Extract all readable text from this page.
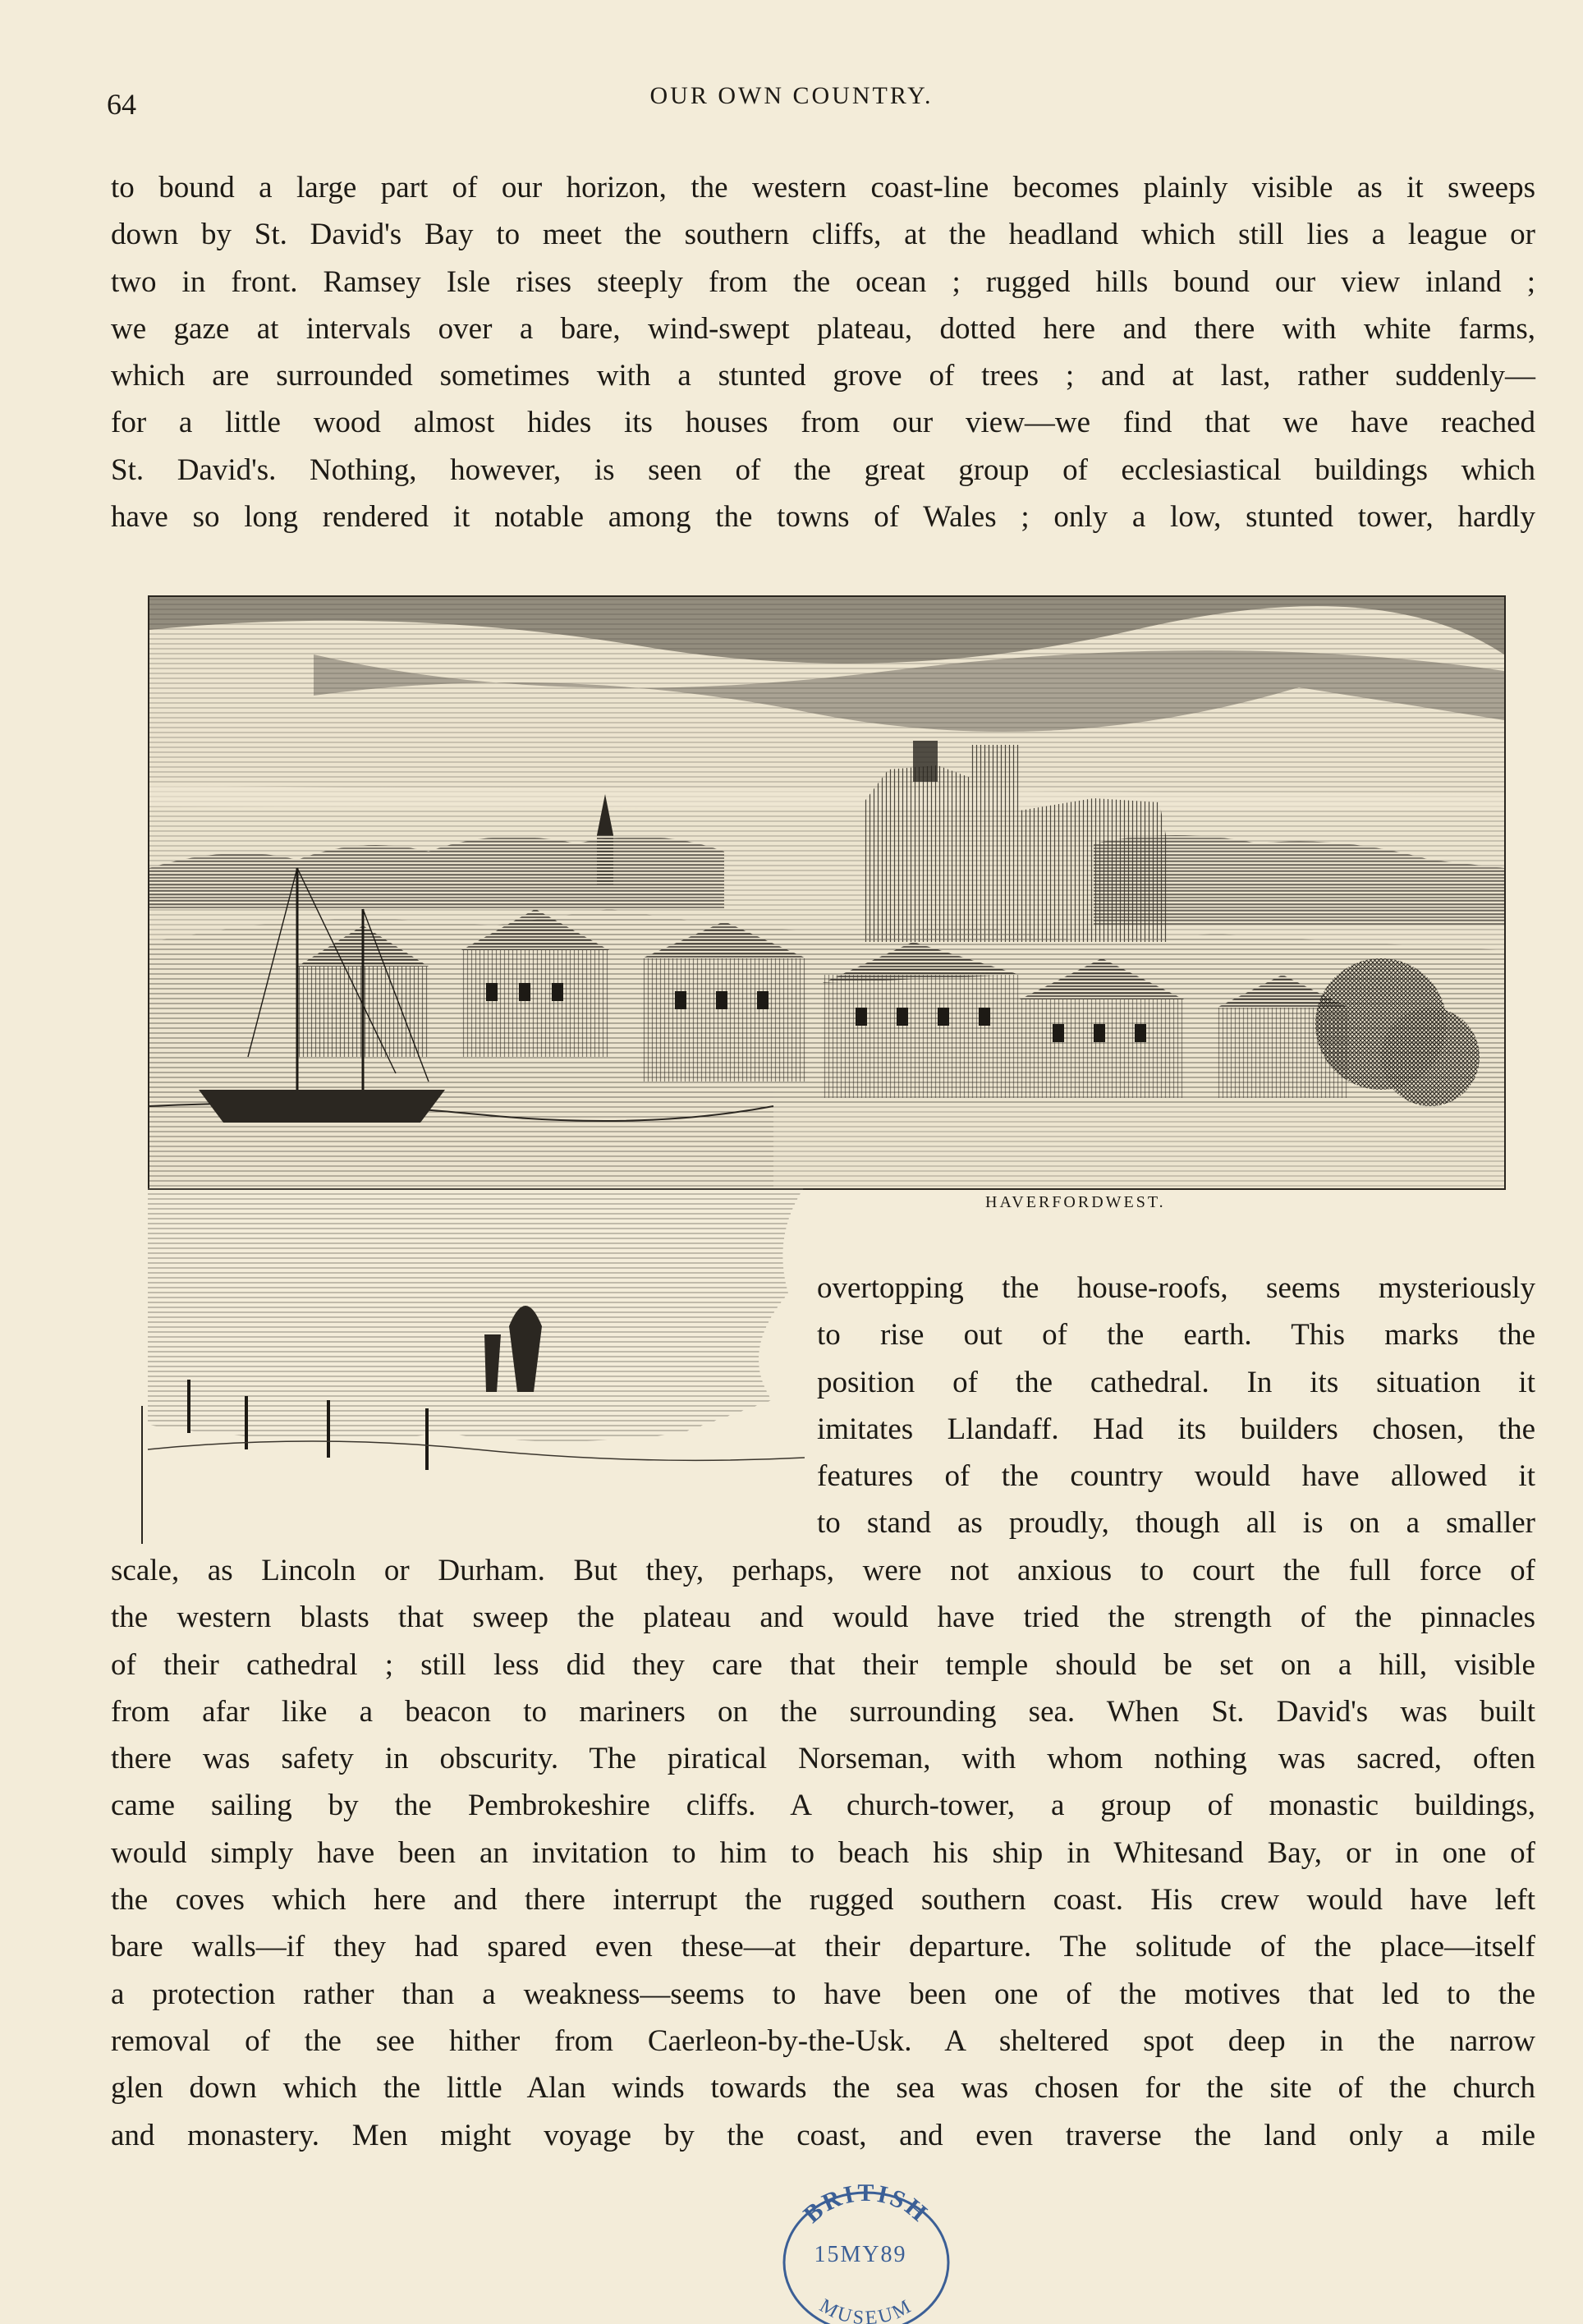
64	OUR OWN COUNTRY.
to bound a large part of our horizon, the western coast-line becomes plainly visible as it sweeps
down by St. David's Bay to meet the southern cliffs, at the headland which still lies a league or
two in front. Ramsey Isle rises steeply from the ocean ; rugged hills bound our view inland ;
we gaze at intervals over a bare, wind-swept plateau, dotted here and there with white farms,
which are surrounded sometimes with a stunted grove of trees ; and at last, rather suddenly—
for a little wood almost hides its houses from our view—we find that we have reached
St. David's. Nothing, however, is seen of the great group of ecclesiastical buildings which
have so long rendered it notable among the towns of Wales ; only a low, stunted tower, hardly
HAVERFORDWEST.
overtopping the house-roofs, seems mysteriously
to rise out of the earth. This marks the
position of the cathedral. In its situation it
imitates Llandaff. Had its builders chosen, the
features of the country would have allowed it
to stand as proudly, though all is on a smaller
scale, as Lincoln or Durham. But they, perhaps, were not anxious to court the full force of
the western blasts that sweep the plateau and would have tried the strength of the pinnacles
of their cathedral ; still less did they care that their temple should be set on a hill, visible
from afar like a beacon to mariners on the surrounding sea. When St. David's was built
there was safety in obscurity. The piratical Norseman, with whom nothing was sacred, often
came sailing by the Pembrokeshire cliffs. A church-tower, a group of monastic buildings,
would simply have been an invitation to him to beach his ship in Whitesand Bay, or in one of
the coves which here and there interrupt the rugged southern coast. His crew would have left
bare walls—if they had spared even these—at their departure. The solitude of the place—itself
a protection rather than a weakness—seems to have been one of the motives that led to the
removal of the see hither from Caerleon-by-the-Usk. A sheltered spot deep in the narrow
glen down which the little Alan winds towards the sea was chosen for the site of the church
and monastery. Men might voyage by the coast, and even traverse the land only a mile
BRITISH
MUSEUM
15MY89
